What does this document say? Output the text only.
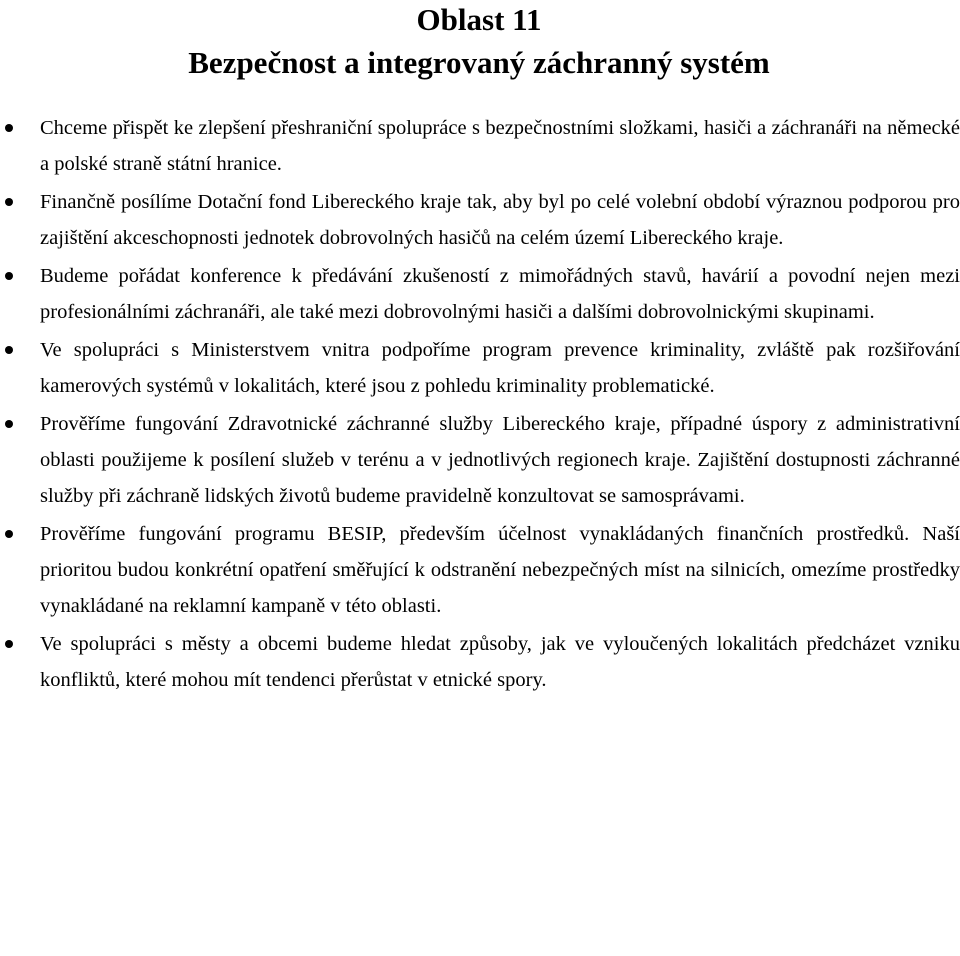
Oblast 11
Bezpečnost a integrovaný záchranný systém
Chceme přispět ke zlepšení přeshraniční spolupráce s bezpečnostními složkami, hasiči a záchranáři na německé a polské straně státní hranice.
Finančně posílíme Dotační fond Libereckého kraje tak, aby byl po celé volební období výraznou podporou pro zajištění akceschopnosti jednotek dobrovolných hasičů na celém území Libereckého kraje.
Budeme pořádat konference k předávání zkušeností z mimořádných stavů, havárií a povodní nejen mezi profesionálními záchranáři, ale také mezi dobrovolnými hasiči a dalšími dobrovolnickými skupinami.
Ve spolupráci s Ministerstvem vnitra podpoříme program prevence kriminality, zvláště pak rozšiřování kamerových systémů v lokalitách, které jsou z pohledu kriminality problematické.
Prověříme fungování Zdravotnické záchranné služby Libereckého kraje, případné úspory z administrativní oblasti použijeme k posílení služeb v terénu a v jednotlivých regionech kraje. Zajištění dostupnosti záchranné služby při záchraně lidských životů budeme pravidelně konzultovat se samosprávami.
Prověříme fungování programu BESIP, především účelnost vynakládaných finančních prostředků. Naší prioritou budou konkrétní opatření směřující k odstranění nebezpečných míst na silnicích, omezíme prostředky vynakládané na reklamní kampaně v této oblasti.
Ve spolupráci s městy a obcemi budeme hledat způsoby, jak ve vyloučených lokalitách předcházet vzniku konfliktů, které mohou mít tendenci přerůstat v etnické spory.
